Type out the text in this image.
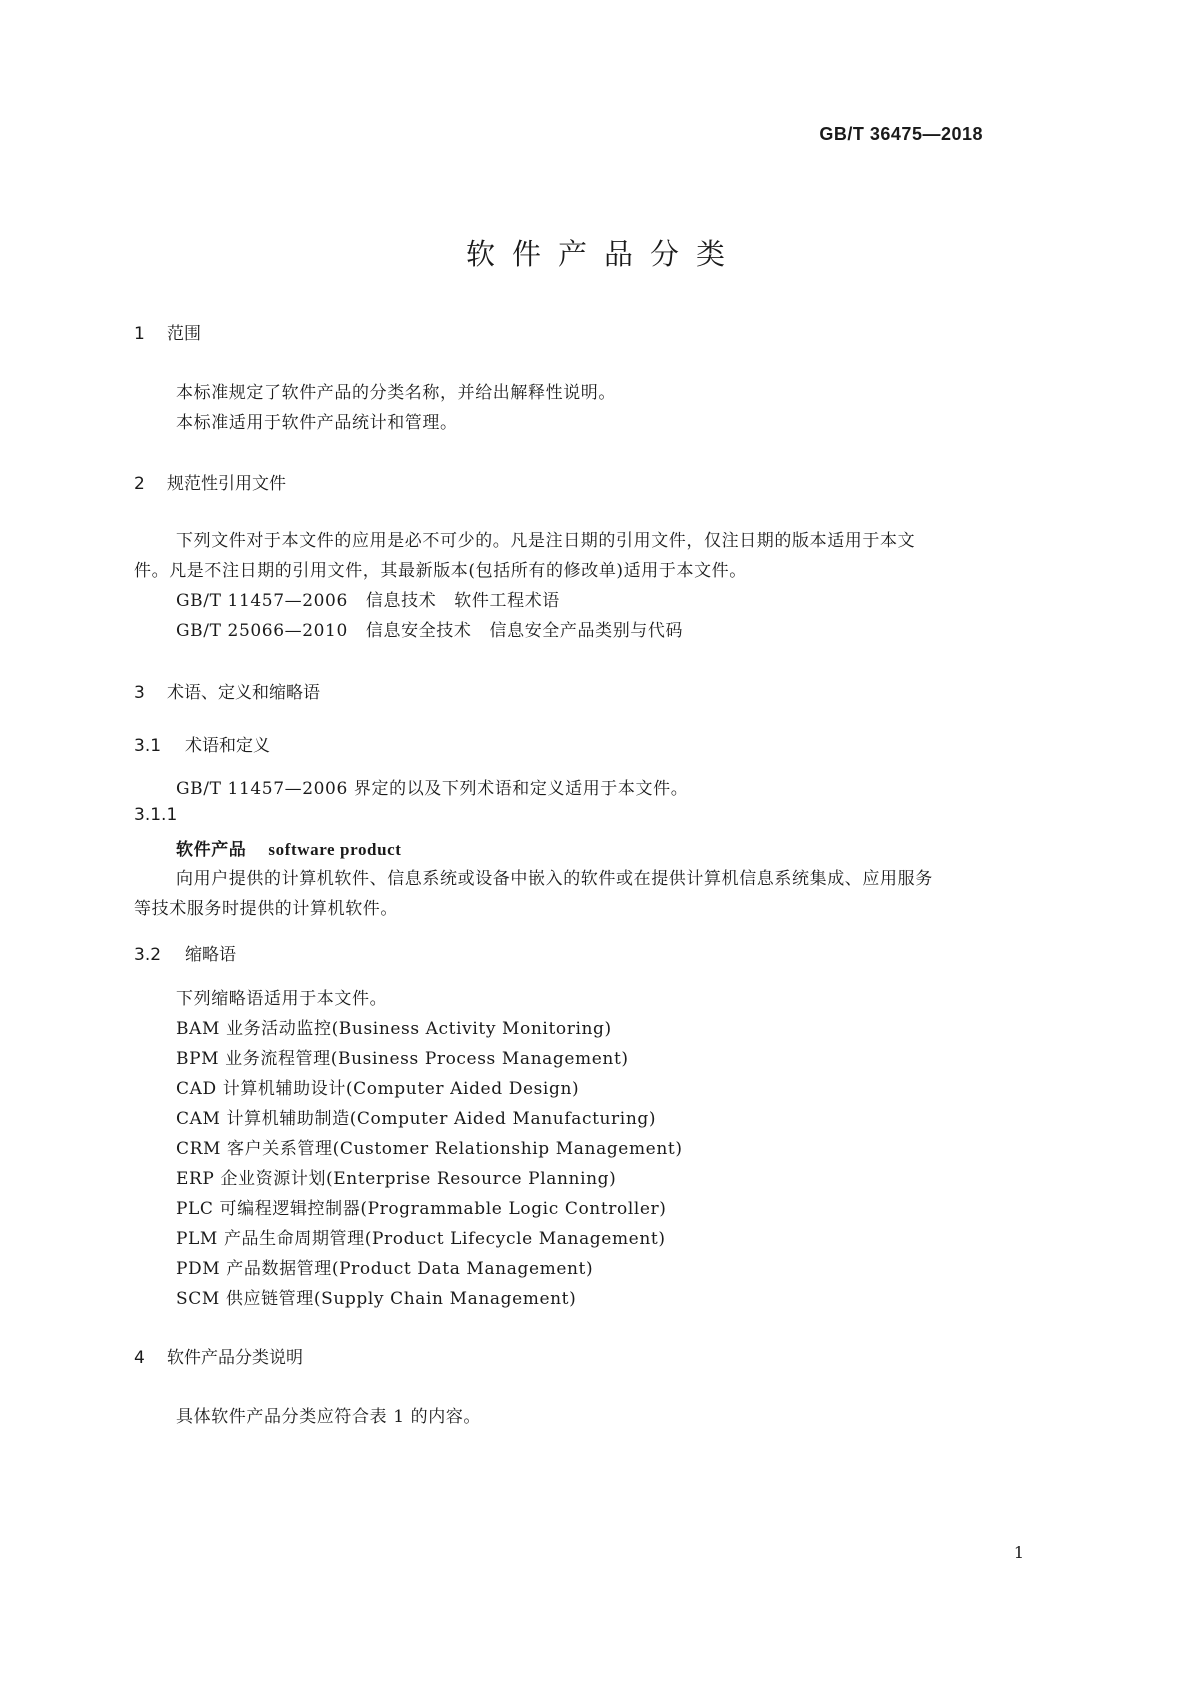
GB/T 36475—2018
软件产品分类
1 范围
本标准规定了软件产品的分类名称，并给出解释性说明。
本标准适用于软件产品统计和管理。
2 规范性引用文件
下列文件对于本文件的应用是必不可少的。凡是注日期的引用文件，仅注日期的版本适用于本文
件。凡是不注日期的引用文件，其最新版本(包括所有的修改单)适用于本文件。
GB/T 11457—2006 信息技术 软件工程术语
GB/T 25066—2010 信息安全技术 信息安全产品类别与代码
3 术语、定义和缩略语
3.1 术语和定义
GB/T 11457—2006 界定的以及下列术语和定义适用于本文件。
3.1.1
软件产品 software product
向用户提供的计算机软件、信息系统或设备中嵌入的软件或在提供计算机信息系统集成、应用服务
等技术服务时提供的计算机软件。
3.2 缩略语
下列缩略语适用于本文件。
BAM 业务活动监控(Business Activity Monitoring)
BPM 业务流程管理(Business Process Management)
CAD 计算机辅助设计(Computer Aided Design)
CAM 计算机辅助制造(Computer Aided Manufacturing)
CRM 客户关系管理(Customer Relationship Management)
ERP 企业资源计划(Enterprise Resource Planning)
PLC 可编程逻辑控制器(Programmable Logic Controller)
PLM 产品生命周期管理(Product Lifecycle Management)
PDM 产品数据管理(Product Data Management)
SCM 供应链管理(Supply Chain Management)
4 软件产品分类说明
具体软件产品分类应符合表 1 的内容。
1
